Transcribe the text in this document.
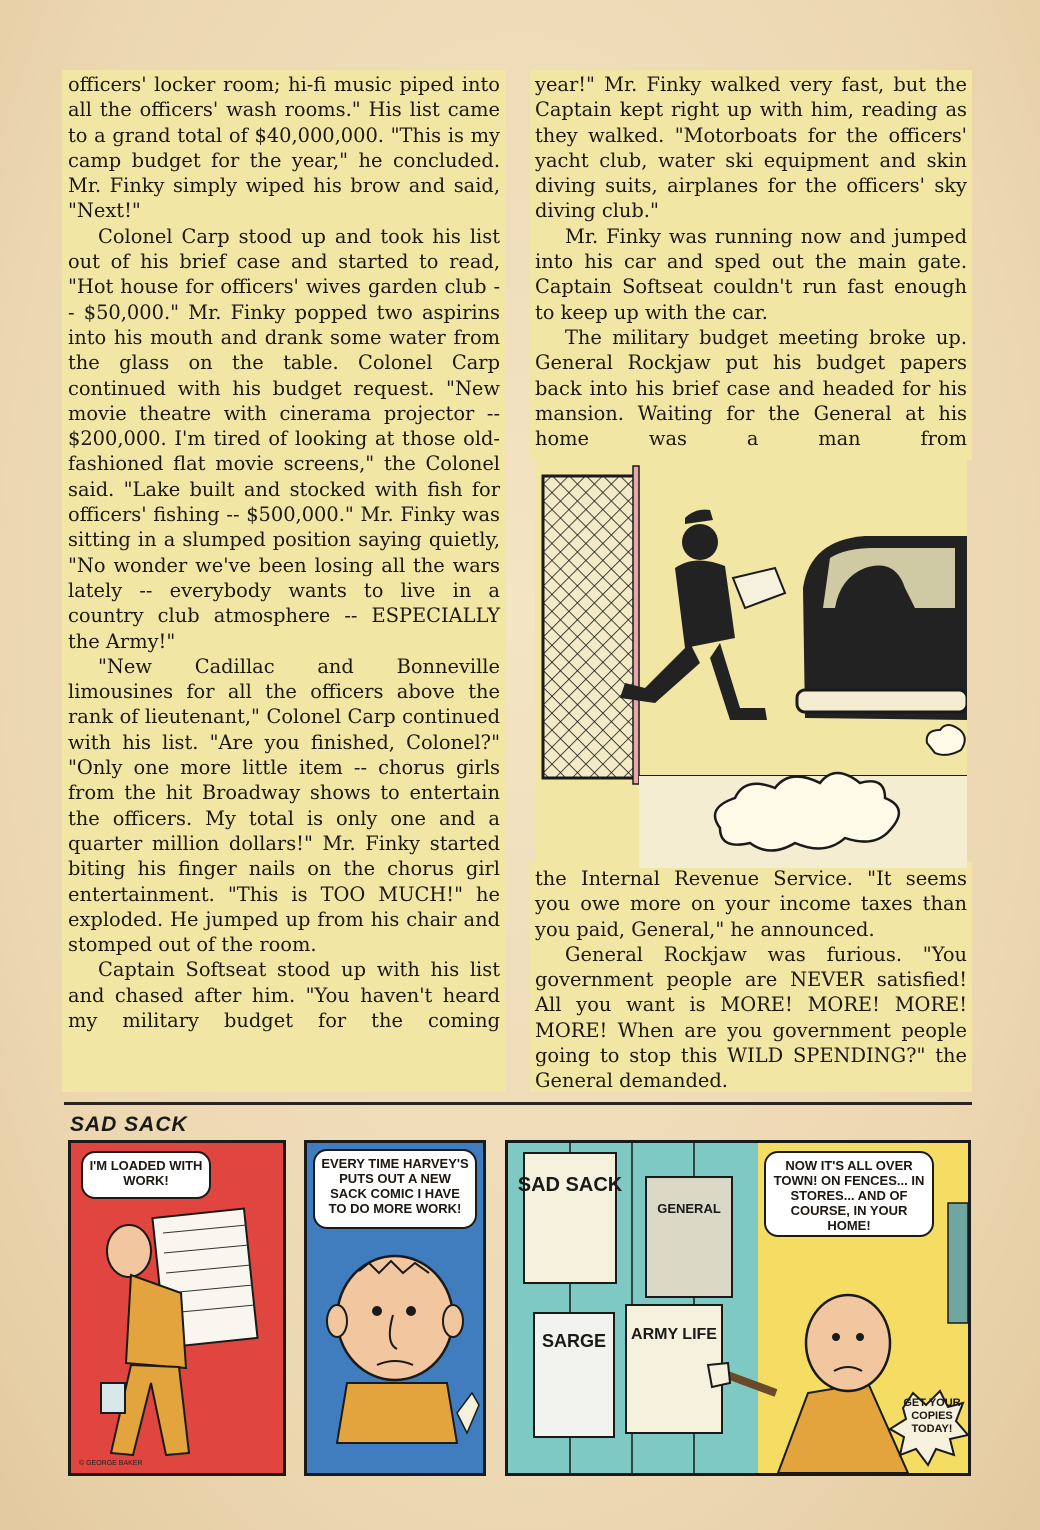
officers' locker room; hi-fi music piped into all the officers' wash rooms." His list came to a grand total of $40,000,000. "This is my camp budget for the year," he concluded. Mr. Finky simply wiped his brow and said, "Next!"

Colonel Carp stood up and took his list out of his brief case and started to read, "Hot house for officers' wives garden club -- $50,000." Mr. Finky popped two aspirins into his mouth and drank some water from the glass on the table. Colonel Carp continued with his budget request. "New movie theatre with cinerama projector -- $200,000. I'm tired of looking at those old-fashioned flat movie screens," the Colonel said. "Lake built and stocked with fish for officers' fishing -- $500,000." Mr. Finky was sitting in a slumped position saying quietly, "No wonder we've been losing all the wars lately -- everybody wants to live in a country club atmosphere -- ESPECIALLY the Army!"

"New Cadillac and Bonneville limousines for all the officers above the rank of lieutenant," Colonel Carp continued with his list. "Are you finished, Colonel?" "Only one more little item -- chorus girls from the hit Broadway shows to entertain the officers. My total is only one and a quarter million dollars!" Mr. Finky started biting his finger nails on the chorus girl entertainment. "This is TOO MUCH!" he exploded. He jumped up from his chair and stomped out of the room.

Captain Softseat stood up with his list and chased after him. "You haven't heard my military budget for the coming

year!" Mr. Finky walked very fast, but the Captain kept right up with him, reading as they walked. "Motorboats for the officers' yacht club, water ski equipment and skin diving suits, airplanes for the officers' sky diving club."

Mr. Finky was running now and jumped into his car and sped out the main gate. Captain Softseat couldn't run fast enough to keep up with the car.

The military budget meeting broke up. General Rockjaw put his budget papers back into his brief case and headed for his mansion. Waiting for the General at his home was a man from

the Internal Revenue Service. "It seems you owe more on your income taxes than you paid, General," he announced.

General Rockjaw was furious. "You government people are NEVER satisfied! All you want is MORE! MORE! MORE! MORE! When are you government people going to stop this WILD SPENDING?" the General demanded.

SAD SACK
I'M LOADED WITH WORK!
© GEORGE BAKER
EVERY TIME HARVEY'S PUTS OUT A NEW SACK COMIC I HAVE TO DO MORE WORK!
SAD SACK
GENERAL
SARGE ARMY LIFE
NOW IT'S ALL OVER TOWN! ON FENCES... IN STORES... AND OF COURSE, IN YOUR HOME!
GET YOUR COPIES TODAY!
